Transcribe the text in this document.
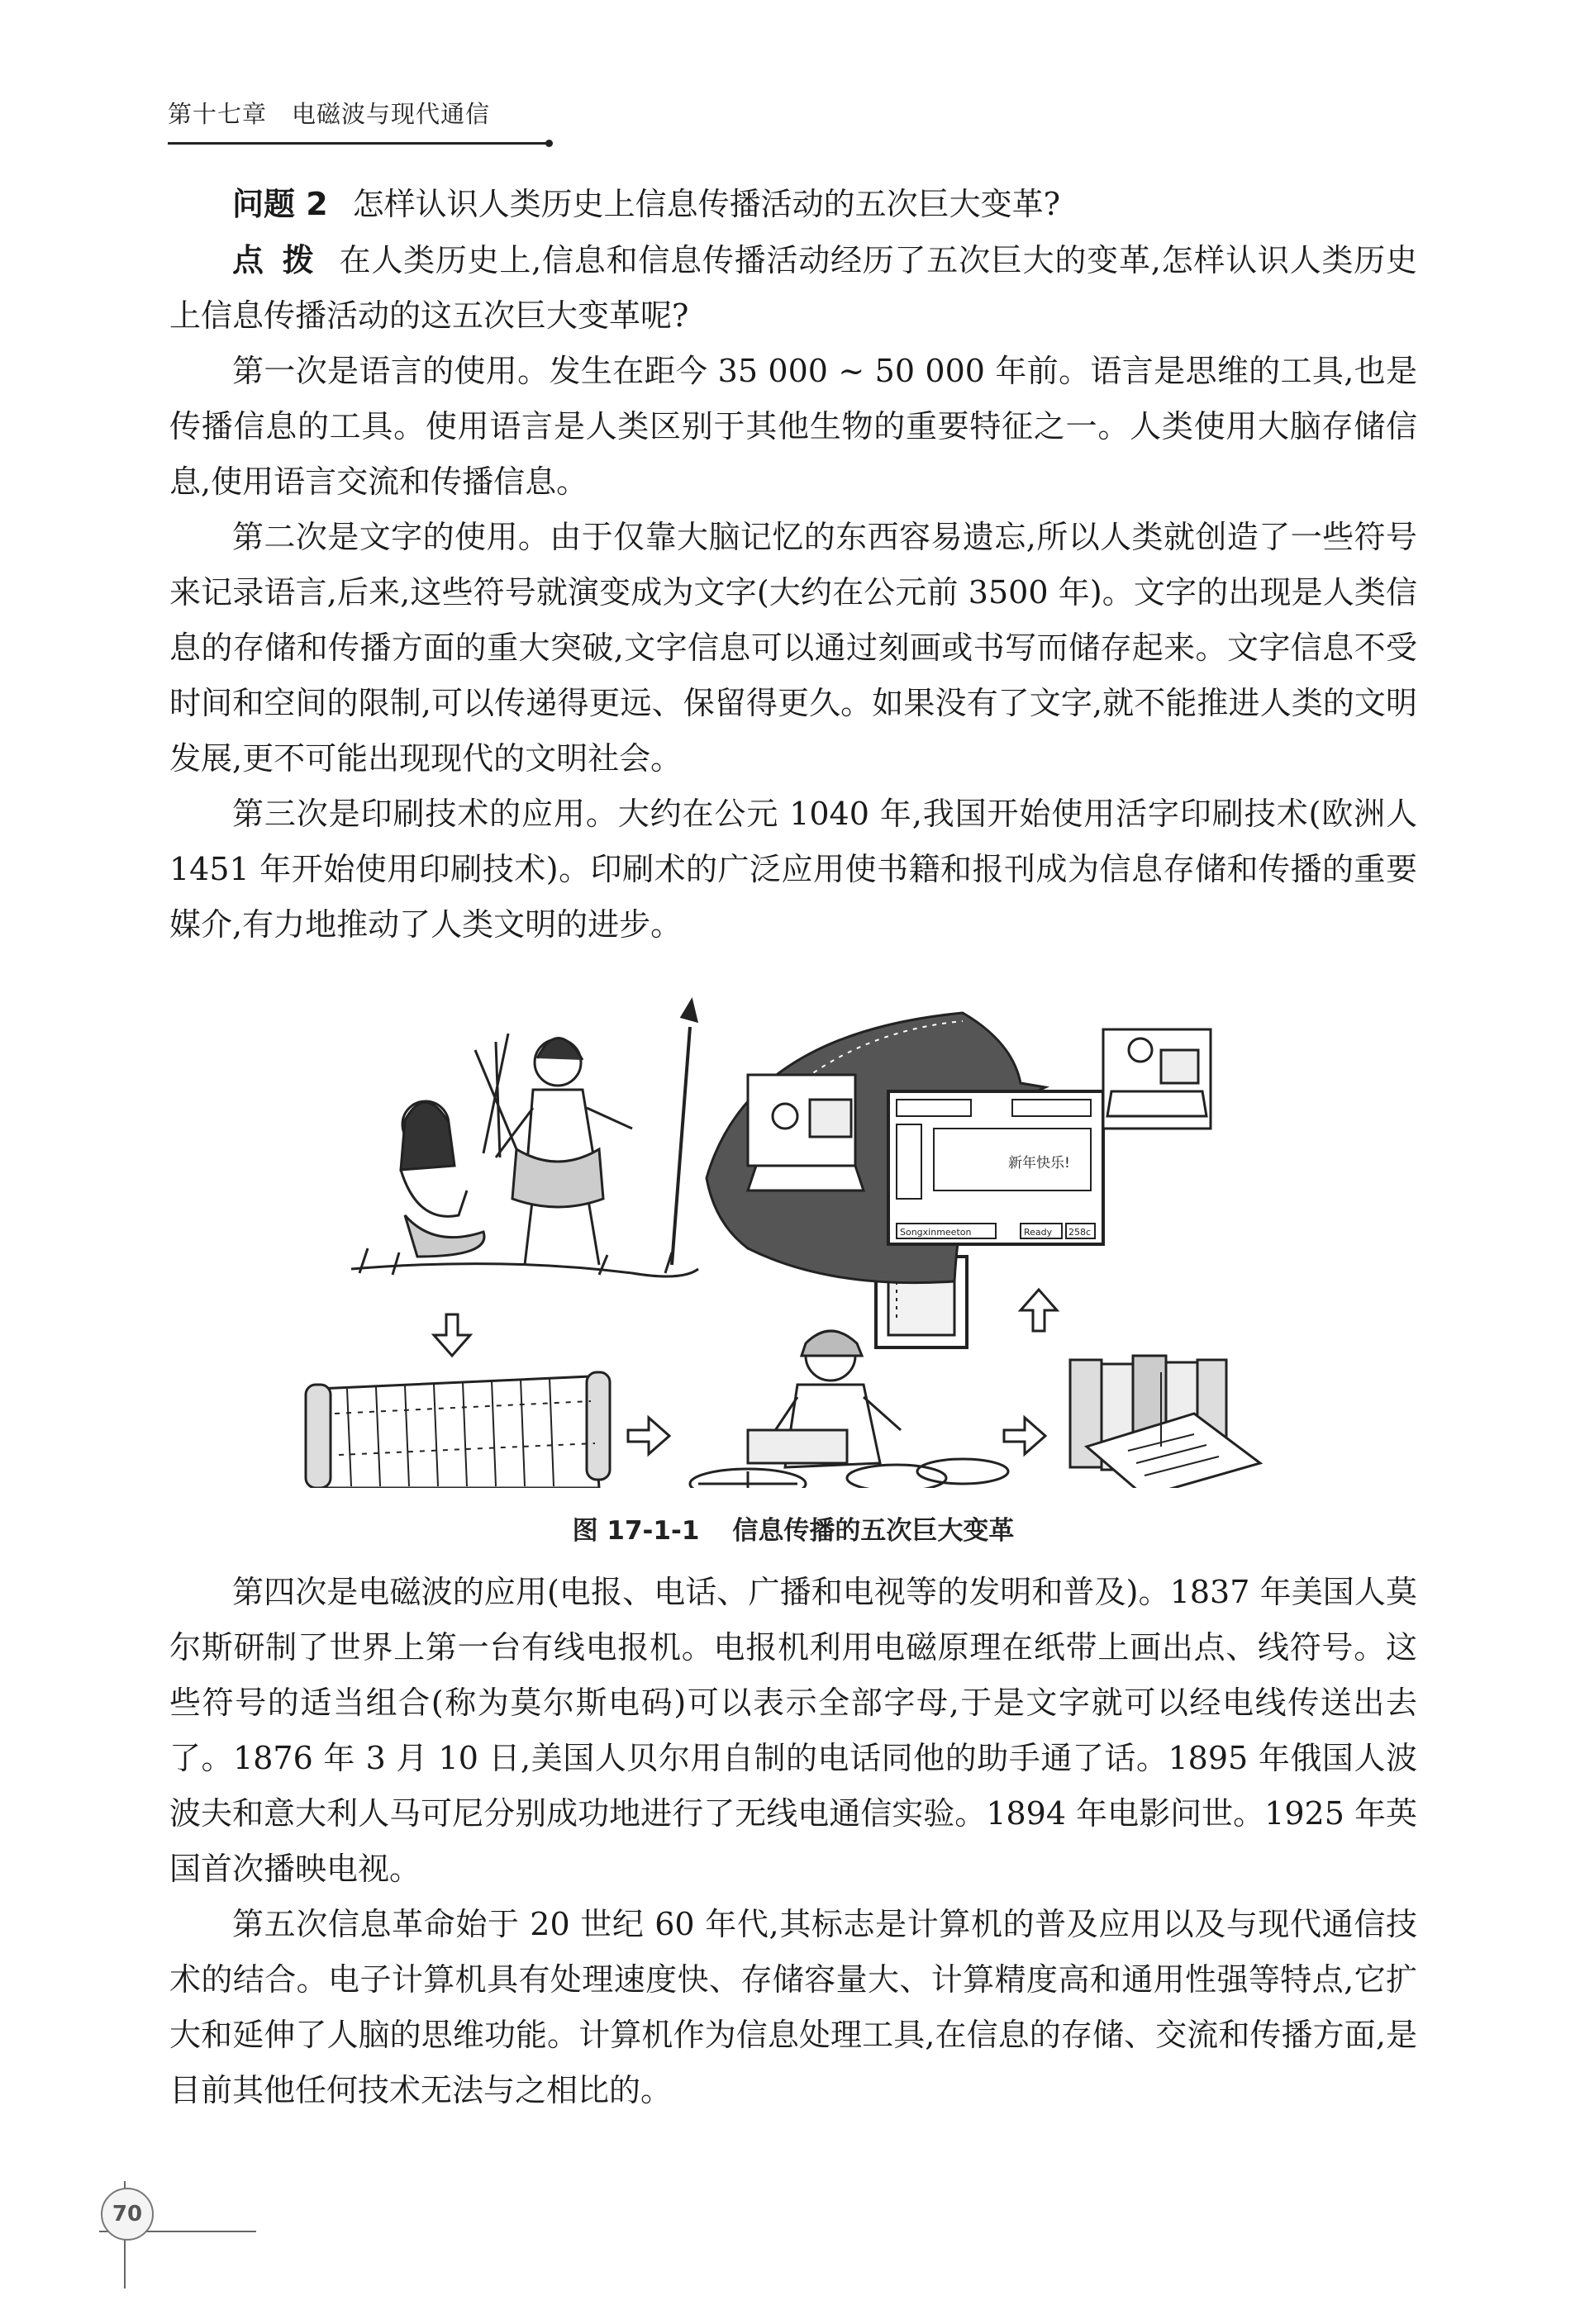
第十七章　电磁波与现代通信

问题 2 怎样认识人类历史上信息传播活动的五次巨大变革?

点拨 在人类历史上,信息和信息传播活动经历了五次巨大的变革,怎样认识人类历史上信息传播活动的这五次巨大变革呢?

第一次是语言的使用。发生在距今 35 000 ~ 50 000 年前。语言是思维的工具,也是传播信息的工具。使用语言是人类区别于其他生物的重要特征之一。人类使用大脑存储信息,使用语言交流和传播信息。

第二次是文字的使用。由于仅靠大脑记忆的东西容易遗忘,所以人类就创造了一些符号来记录语言,后来,这些符号就演变成为文字(大约在公元前 3500 年)。文字的出现是人类信息的存储和传播方面的重大突破,文字信息可以通过刻画或书写而储存起来。文字信息不受时间和空间的限制,可以传递得更远、保留得更久。如果没有了文字,就不能推进人类的文明发展,更不可能出现现代的文明社会。

第三次是印刷技术的应用。大约在公元 1040 年,我国开始使用活字印刷技术(欧洲人 1451 年开始使用印刷技术)。印刷术的广泛应用使书籍和报刊成为信息存储和传播的重要媒介,有力地推动了人类文明的进步。

新年快乐!
Songxinmeeton	Ready 258c
图 17-1-1 信息传播的五次巨大变革

第四次是电磁波的应用(电报、电话、广播和电视等的发明和普及)。1837 年美国人莫尔斯研制了世界上第一台有线电报机。电报机利用电磁原理在纸带上画出点、线符号。这些符号的适当组合(称为莫尔斯电码)可以表示全部字母,于是文字就可以经电线传送出去了。1876 年 3 月 10 日,美国人贝尔用自制的电话同他的助手通了话。1895 年俄国人波波夫和意大利人马可尼分别成功地进行了无线电通信实验。1894 年电影问世。1925 年英国首次播映电视。

第五次信息革命始于 20 世纪 60 年代,其标志是计算机的普及应用以及与现代通信技术的结合。电子计算机具有处理速度快、存储容量大、计算精度高和通用性强等特点,它扩大和延伸了人脑的思维功能。计算机作为信息处理工具,在信息的存储、交流和传播方面,是目前其他任何技术无法与之相比的。

70
